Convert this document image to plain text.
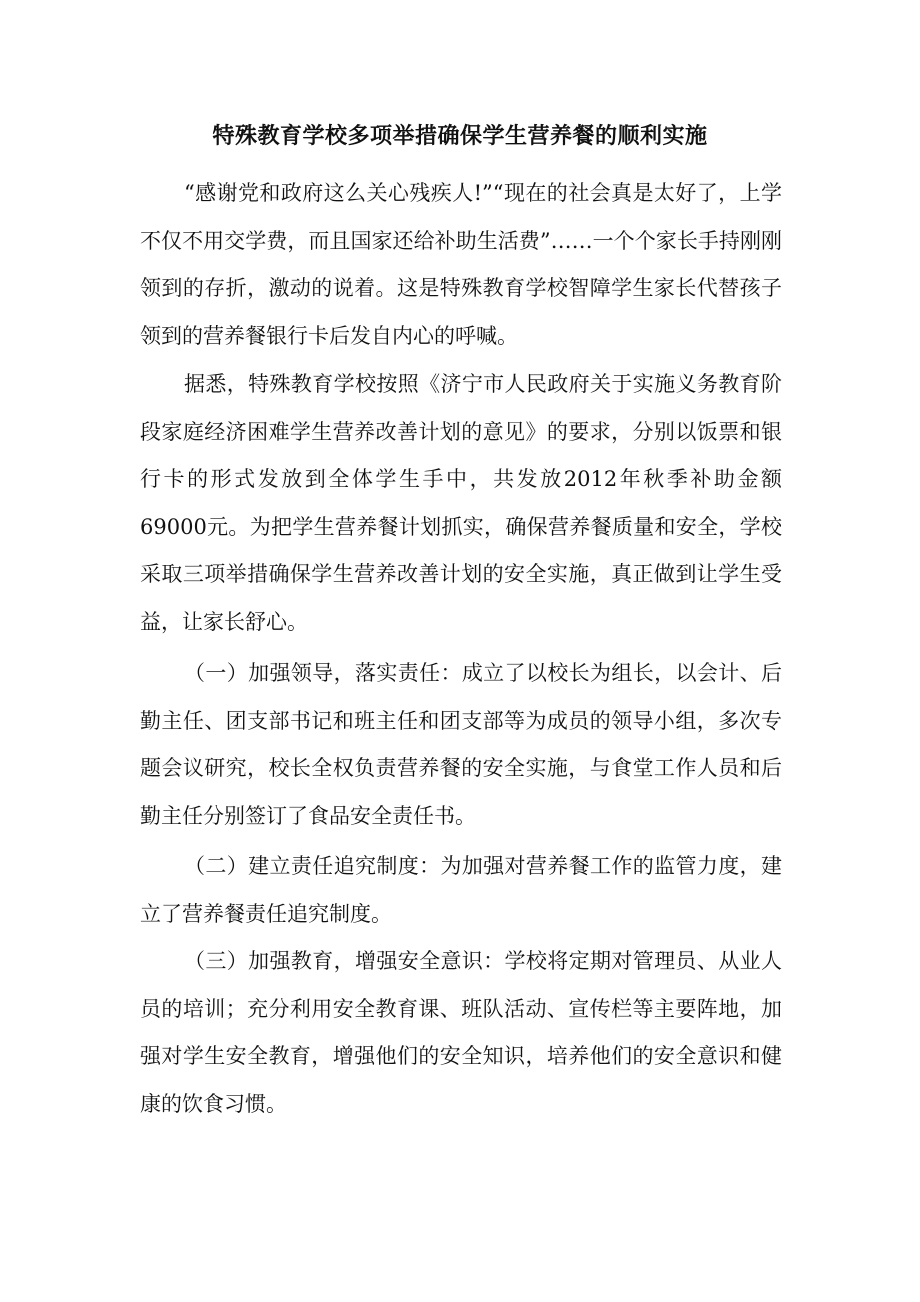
特殊教育学校多项举措确保学生营养餐的顺利实施

“感谢党和政府这么关心残疾人!”“现在的社会真是太好了，上学不仅不用交学费，而且国家还给补助生活费”……一个个家长手持刚刚领到的存折，激动的说着。这是特殊教育学校智障学生家长代替孩子领到的营养餐银行卡后发自内心的呼喊。

据悉，特殊教育学校按照《济宁市人民政府关于实施义务教育阶段家庭经济困难学生营养改善计划的意见》的要求，分别以饭票和银行卡的形式发放到全体学生手中，共发放2012年秋季补助金额69000元。为把学生营养餐计划抓实，确保营养餐质量和安全，学校采取三项举措确保学生营养改善计划的安全实施，真正做到让学生受益，让家长舒心。

（一）加强领导，落实责任：成立了以校长为组长，以会计、后勤主任、团支部书记和班主任和团支部等为成员的领导小组，多次专题会议研究，校长全权负责营养餐的安全实施，与食堂工作人员和后勤主任分别签订了食品安全责任书。

（二）建立责任追究制度：为加强对营养餐工作的监管力度，建立了营养餐责任追究制度。

（三）加强教育，增强安全意识：学校将定期对管理员、从业人员的培训；充分利用安全教育课、班队活动、宣传栏等主要阵地，加强对学生安全教育，增强他们的安全知识，培养他们的安全意识和健康的饮食习惯。
